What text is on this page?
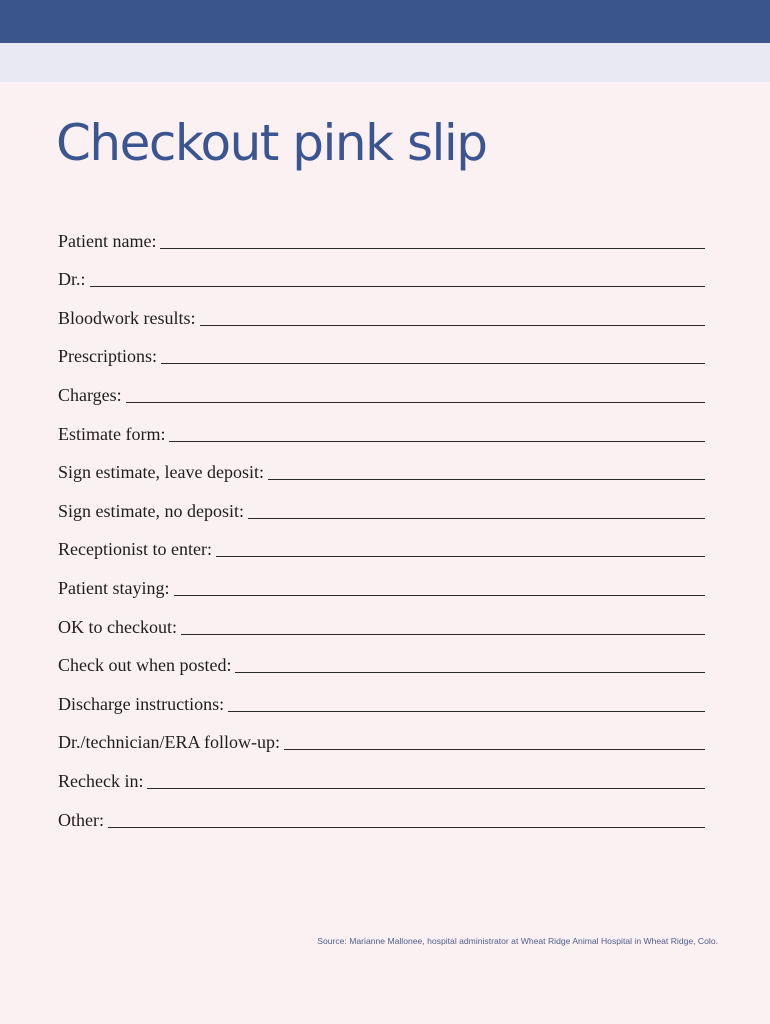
Checkout pink slip
Patient name:
Dr.:
Bloodwork results:
Prescriptions:
Charges:
Estimate form:
Sign estimate, leave deposit:
Sign estimate, no deposit:
Receptionist to enter:
Patient staying:
OK to checkout:
Check out when posted:
Discharge instructions:
Dr./technician/ERA follow-up:
Recheck in:
Other:

Source: Marianne Mallonee, hospital administrator at Wheat Ridge Animal Hospital in Wheat Ridge, Colo.
